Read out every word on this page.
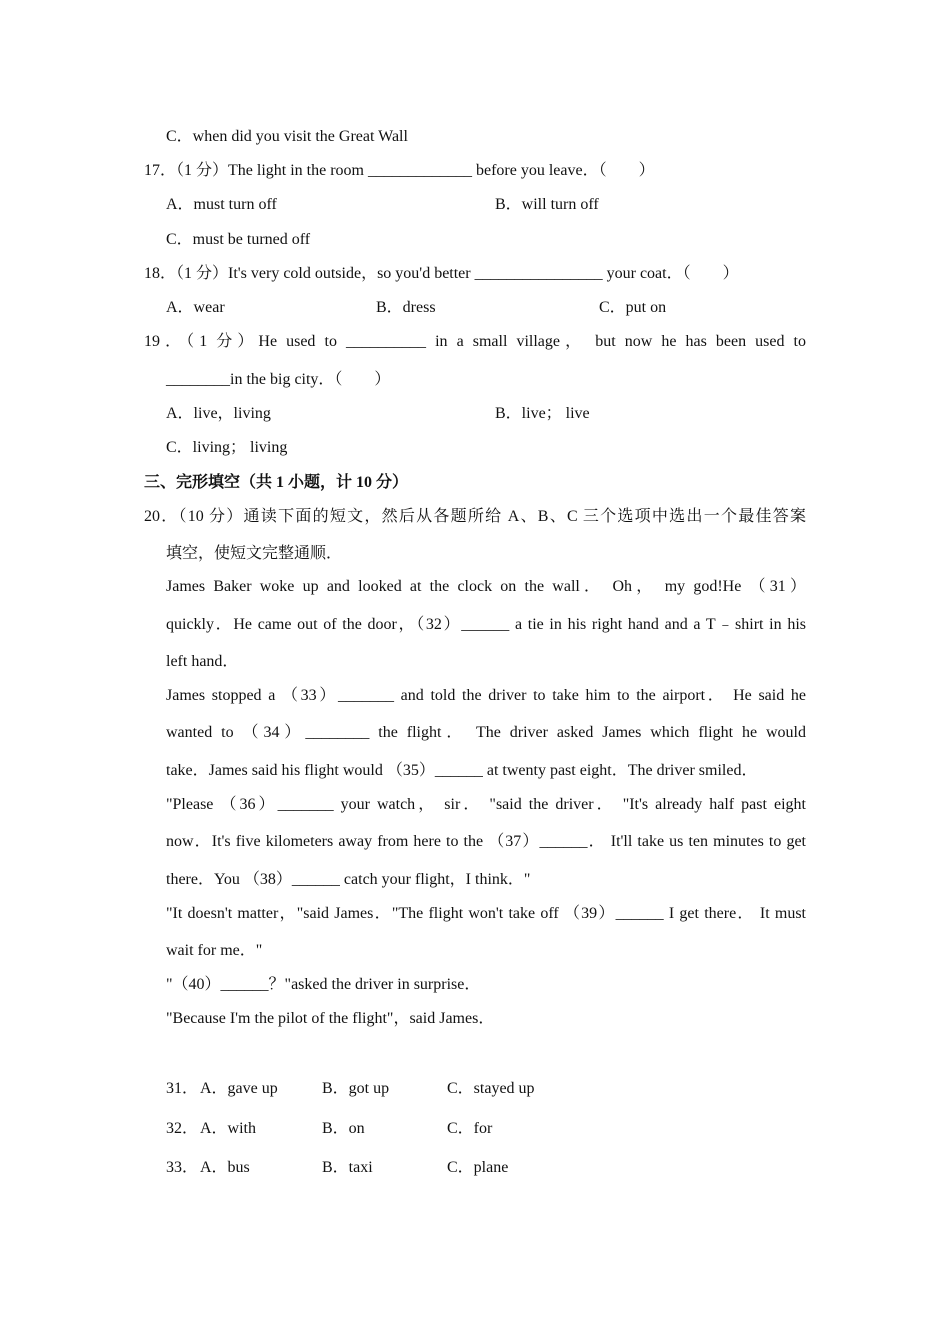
C．when did you visit the Great Wall
17．（1 分）The light in the room _____________ before you leave．（　　）
A．must turn off	B．will turn off
C．must be turned off
18．（1 分）It's very cold outside，so you'd better ________________ your coat．（　　）
A．wear	B．dress	C．put on
19．（1 分）He used to __________ in a small village， but now he has been used to
________in the big city．（　　）
A．live，living	B．live； live
C．living； living
三、完形填空（共 1 小题，计 10 分）
20．（10 分）通读下面的短文，然后从各题所给 A、B、C 三个选项中选出一个最佳答案
填空，使短文完整通顺．
James Baker woke up and looked at the clock on the wall． Oh， my god!He （31）
quickly．He came out of the door，（32）______ a tie in his right hand and a T﹣shirt in his
left hand．
James stopped a （33）_______ and told the driver to take him to the airport． He said he
wanted to （34）________ the flight． The driver asked James which flight he would
take．James said his flight would （35）______ at twenty past eight．The driver smiled．
"Please （36）_______ your watch， sir． "said the driver． "It's already half past eight
now．It's five kilometers away from here to the （37）______． It'll take us ten minutes to get
there．You （38）______ catch your flight，I think．"
"It doesn't matter，"said James．"The flight won't take off （39）______ I get there． It must
wait for me．"
"（40）______？"asked the driver in surprise．
"Because I'm the pilot of the flight"，said James．
31． A．gave up	B．got up	C．stayed up
32． A．with	B．on	C．for
33． A．bus	B．taxi	C．plane
